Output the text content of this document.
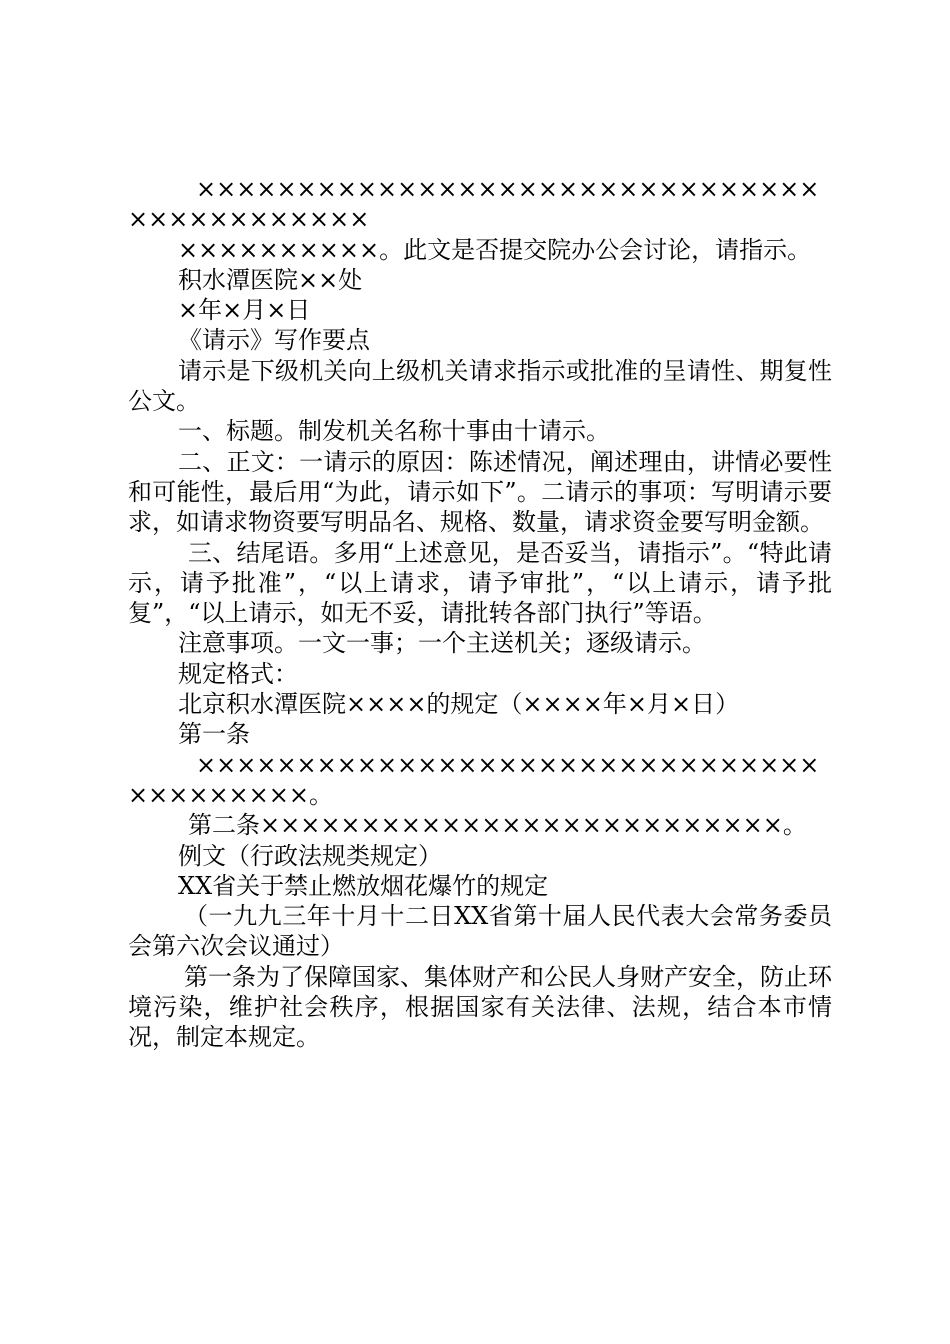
×××××××××××××××××××××××××××××××××××××××××××

××××××××××。此文是否提交院办公会讨论，请指示。

积水潭医院××处

×年×月×日

《请示》写作要点

请示是下级机关向上级机关请求指示或批准的呈请性、期复性公文。

一、标题。制发机关名称十事由十请示。

二、正文：一请示的原因：陈述情况，阐述理由，讲情必要性和可能性，最后用“为此，请示如下”。二请示的事项：写明请示要求，如请求物资要写明品名、规格、数量，请求资金要写明金额。

三、结尾语。多用“上述意见，是否妥当，请指示”。“特此请示，请予批准”，“以上请求，请予审批”，“以上请示，请予批复”，“以上请示，如无不妥，请批转各部门执行”等语。

注意事项。一文一事；一个主送机关；逐级请示。

规定格式：

北京积水潭医院××××的规定（××××年×月×日）

第一条

××××××××××××××××××××××××××××××××××××××××。

第二条××××××××××××××××××××××××××。

例文（行政法规类规定）

XX省关于禁止燃放烟花爆竹的规定

（一九九三年十月十二日XX省第十届人民代表大会常务委员会第六次会议通过）

第一条为了保障国家、集体财产和公民人身财产安全，防止环境污染，维护社会秩序，根据国家有关法律、法规，结合本市情况，制定本规定。
